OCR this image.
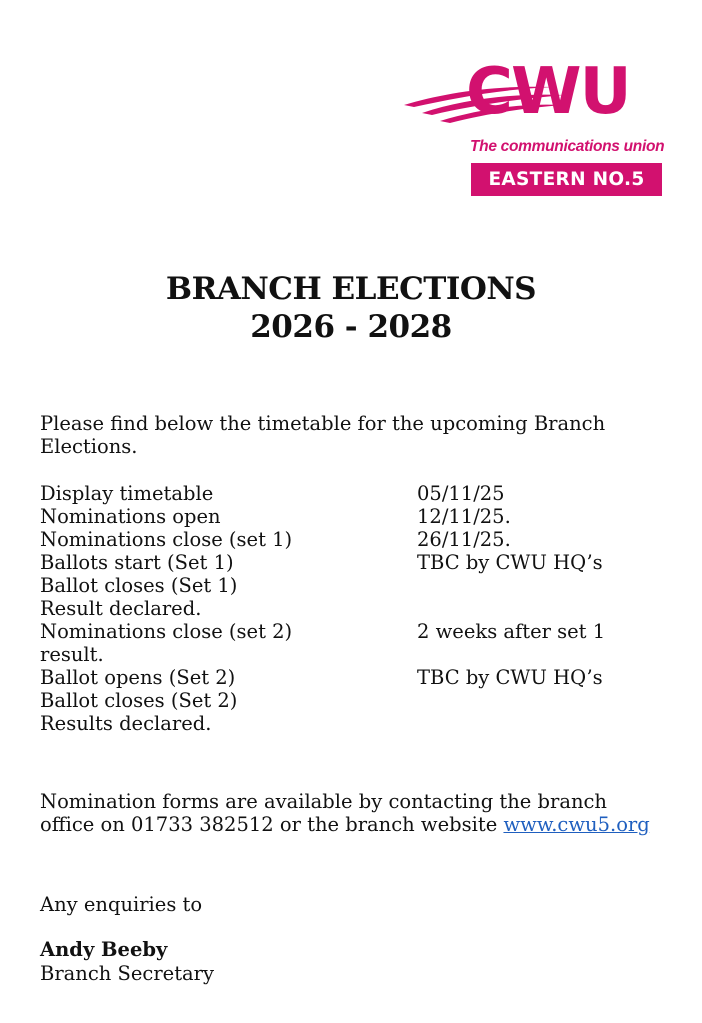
CWU
The communications union
EASTERN NO.5
BRANCH ELECTIONS
2026 - 2028
Please find below the timetable for the upcoming Branch
Elections.
Display timetable	05/11/25
Nominations open	12/11/25.
Nominations close (set 1)	26/11/25.
Ballots start (Set 1)	TBC by CWU HQ’s
Ballot closes (Set 1)
Result declared.
Nominations close (set 2)	2 weeks after set 1
result.
Ballot opens (Set 2)	TBC by CWU HQ’s
Ballot closes (Set 2)
Results declared.
Nomination forms are available by contacting the branch
office on 01733 382512 or the branch website www.cwu5.org
Any enquiries to
Andy Beeby
Branch Secretary
